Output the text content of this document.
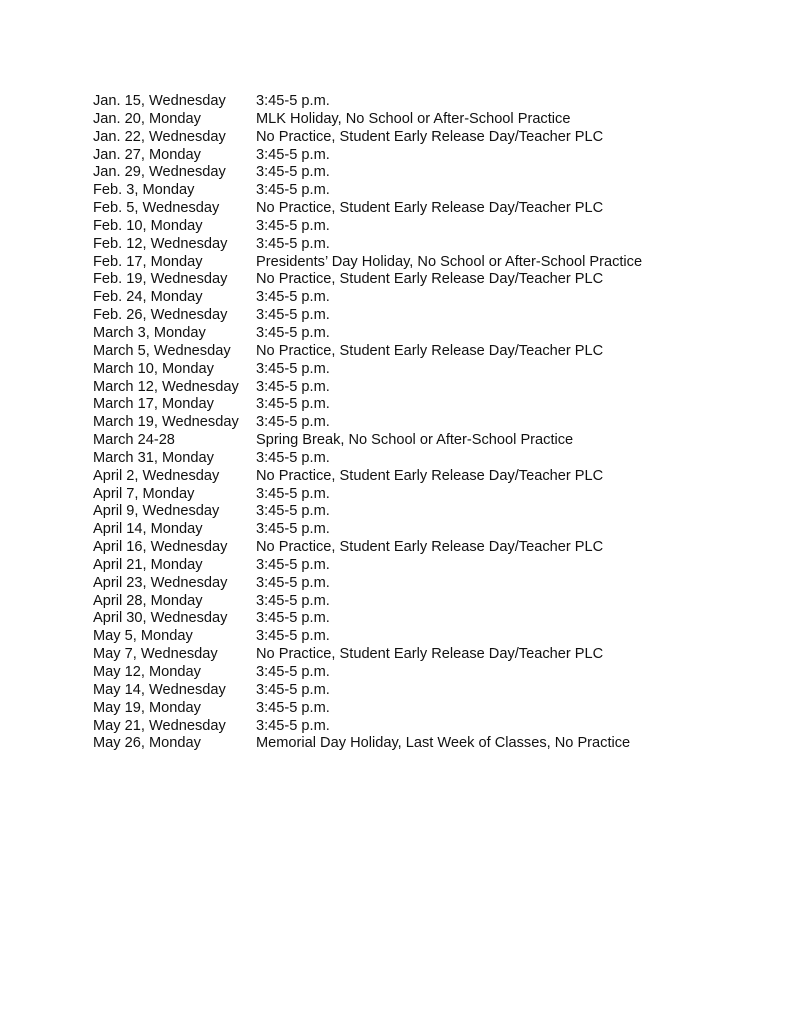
Jan. 15, Wednesday	3:45-5 p.m.
Jan. 20, Monday	MLK Holiday, No School or After-School Practice
Jan. 22, Wednesday	No Practice, Student Early Release Day/Teacher PLC
Jan. 27, Monday	3:45-5 p.m.
Jan. 29, Wednesday	3:45-5 p.m.
Feb. 3, Monday	3:45-5 p.m.
Feb. 5, Wednesday	No Practice, Student Early Release Day/Teacher PLC
Feb. 10, Monday	3:45-5 p.m.
Feb. 12, Wednesday	3:45-5 p.m.
Feb. 17, Monday	Presidents’ Day Holiday, No School or After-School Practice
Feb. 19, Wednesday	No Practice, Student Early Release Day/Teacher PLC
Feb. 24, Monday	3:45-5 p.m.
Feb. 26, Wednesday	3:45-5 p.m.
March 3, Monday	3:45-5 p.m.
March 5, Wednesday	No Practice, Student Early Release Day/Teacher PLC
March 10, Monday	3:45-5 p.m.
March 12, Wednesday	3:45-5 p.m.
March 17, Monday	3:45-5 p.m.
March 19, Wednesday	3:45-5 p.m.
March 24-28	Spring Break, No School or After-School Practice
March 31, Monday	3:45-5 p.m.
April 2, Wednesday	No Practice, Student Early Release Day/Teacher PLC
April 7, Monday	3:45-5 p.m.
April 9, Wednesday	3:45-5 p.m.
April 14, Monday	3:45-5 p.m.
April 16, Wednesday	No Practice, Student Early Release Day/Teacher PLC
April 21, Monday	3:45-5 p.m.
April 23, Wednesday	3:45-5 p.m.
April 28, Monday	3:45-5 p.m.
April 30, Wednesday	3:45-5 p.m.
May 5, Monday	3:45-5 p.m.
May 7, Wednesday	No Practice, Student Early Release Day/Teacher PLC
May 12, Monday	3:45-5 p.m.
May 14, Wednesday	3:45-5 p.m.
May 19, Monday	3:45-5 p.m.
May 21, Wednesday	3:45-5 p.m.
May 26, Monday	Memorial Day Holiday, Last Week of Classes, No Practice
